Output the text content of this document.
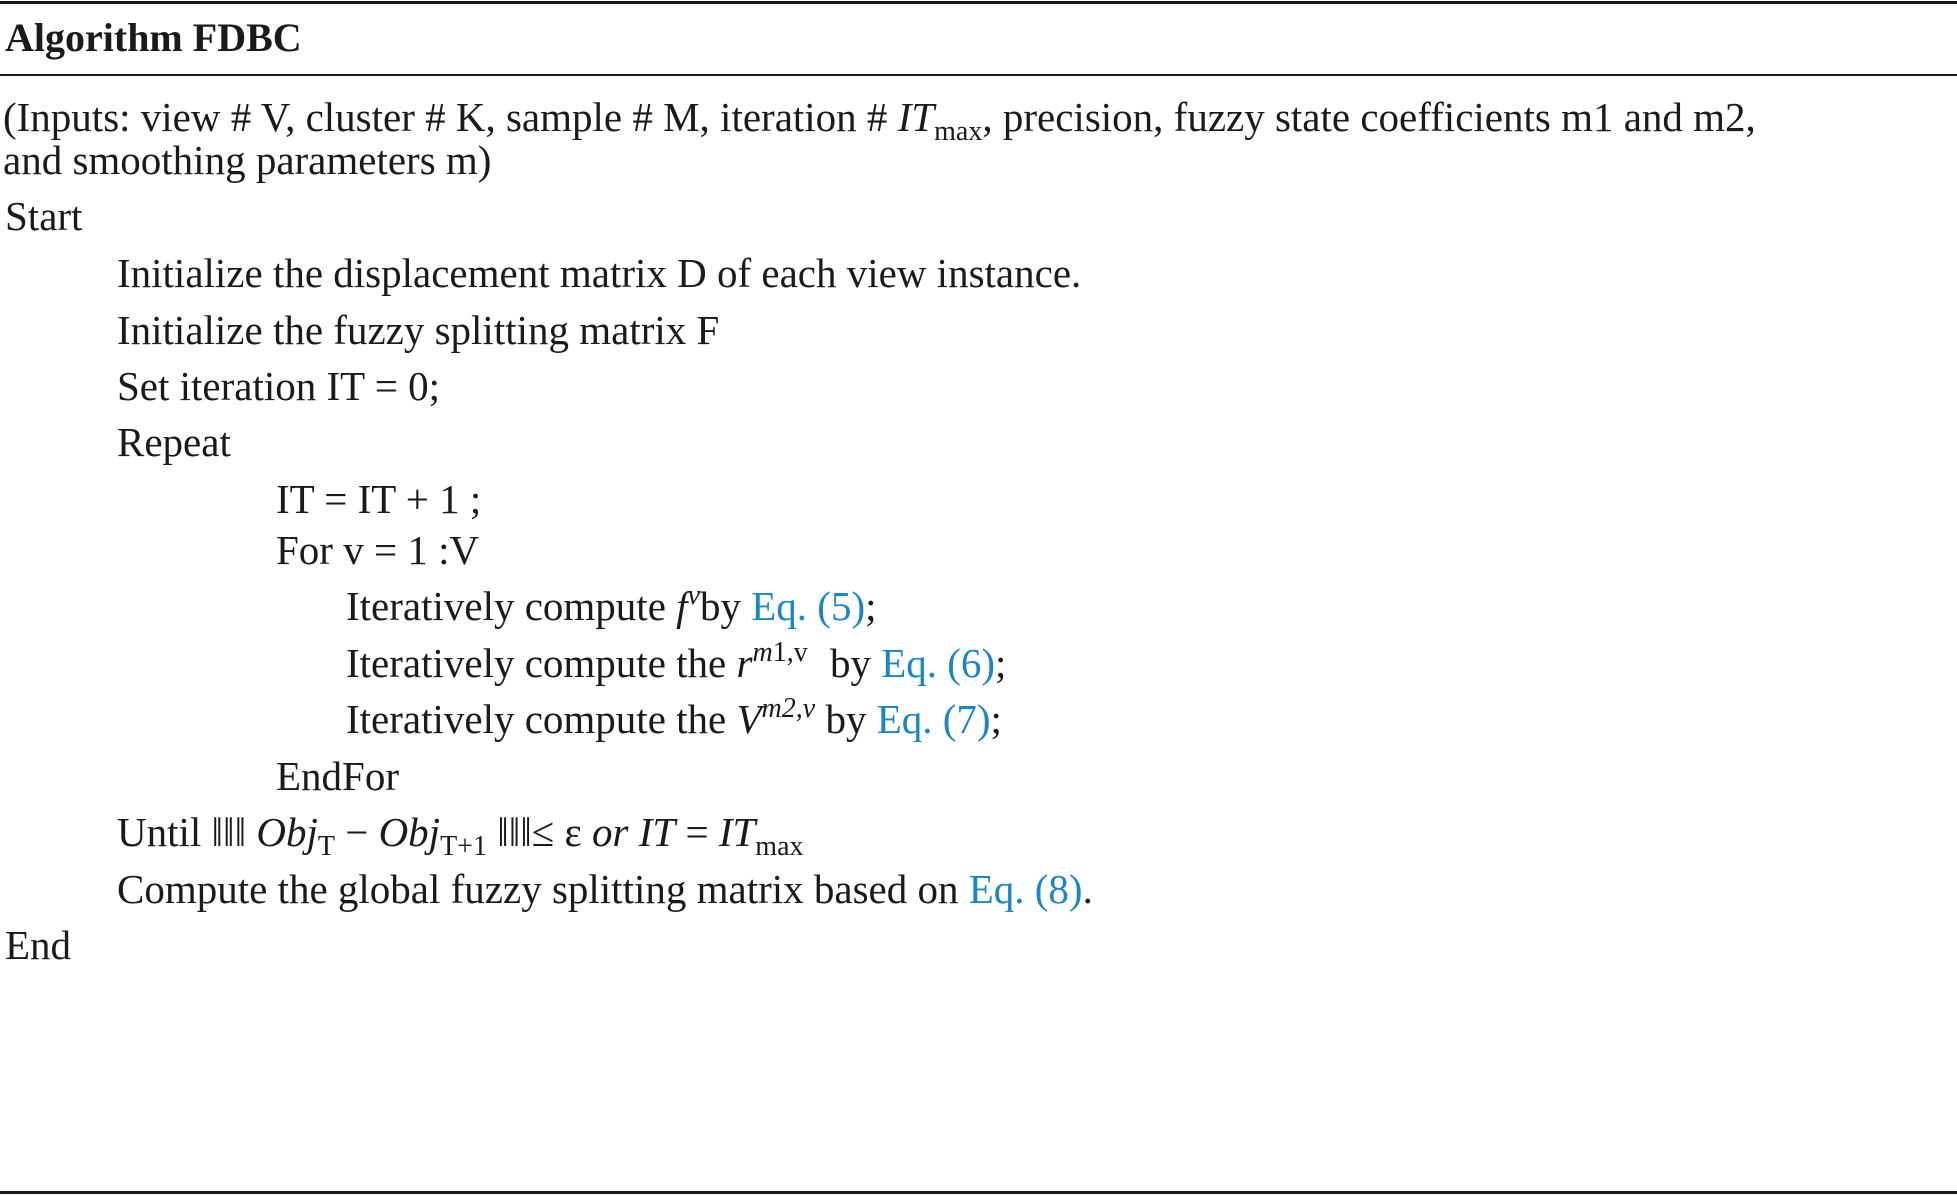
Algorithm FDBC
(Inputs: view # V, cluster # K, sample # M, iteration # $IT_{max}$, precision, fuzzy state coefficients m1 and m2,
and smoothing parameters m)
Start
Initialize the displacement matrix D of each view instance.
Initialize the fuzzy splitting matrix F
Set iteration IT = 0;
Repeat
IT = IT + 1 ;
For v = 1 :V
Iteratively compute $f^vby$ Eq. (5);
Iteratively compute the $r^{m1,v}$ by Eq. (6);
Iteratively compute the $V^{m2,v}$ by Eq. (7);
EndFor
Until ‖‖‖ Obj$_T$ − Obj$_{T+1}$ ‖‖‖≤ ε or IT = $IT_{max}$
Compute the global fuzzy splitting matrix based on Eq. (8).
End
